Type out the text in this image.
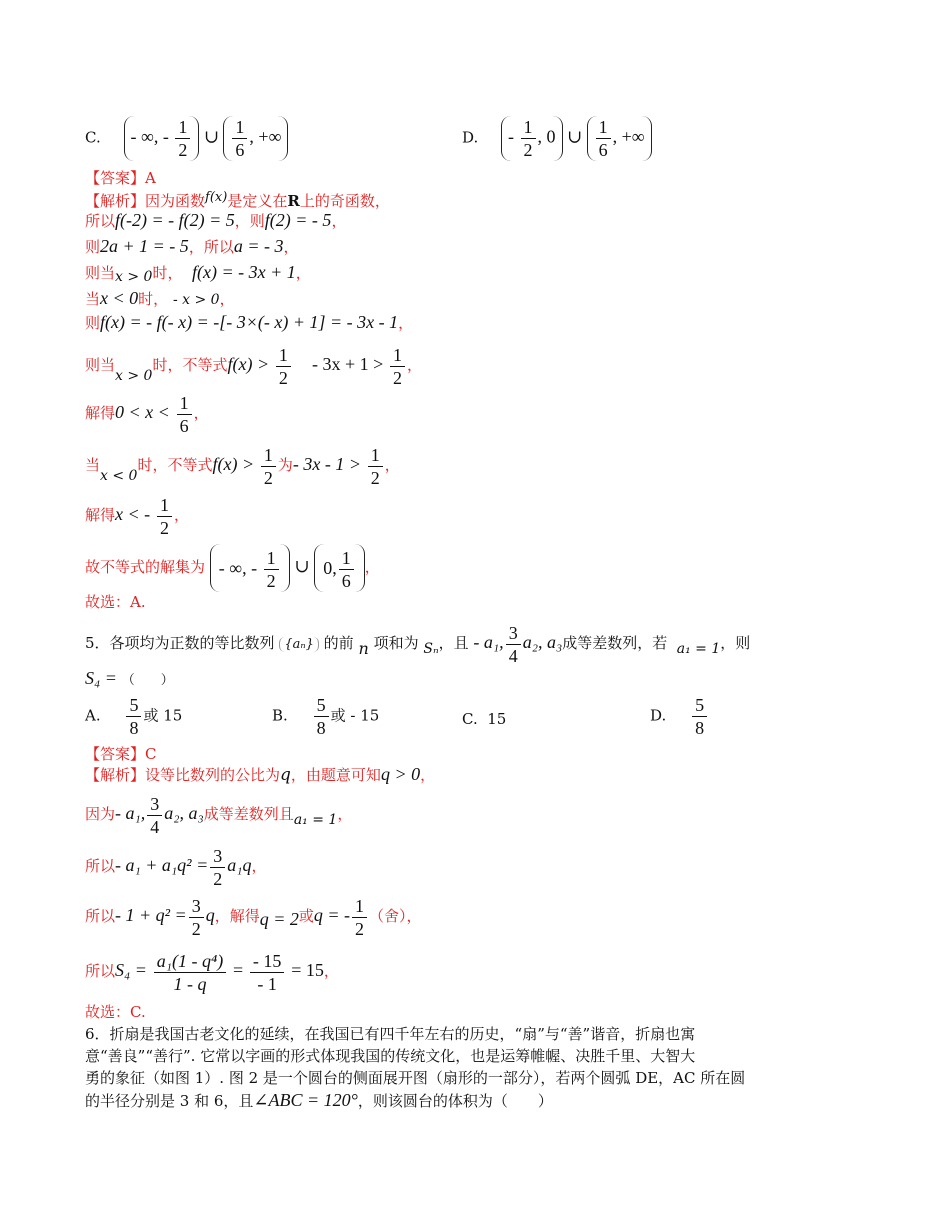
C. - ∞, - $\frac{1}{2}$ ∪ $\frac{1}{6}$ , +∞	D. - $\frac{1}{2}$ , 0 ∪ $\frac{1}{6}$ , +∞
【答案】A
【解析】因为函数f(x)是定义在R上的奇函数，
所以f(-2) = - f(2) = 5，则f(2) = - 5，
则2a + 1 = - 5，所以a = - 3，
则当x > 0时， f(x) = - 3x + 1，
当x < 0时， - x > 0，
则f(x) = - f(- x) = -[- 3×(- x) + 1] = - 3x - 1，
则当x > 0时，不等式$f(x) > \frac{1}{2} - 3x + 1 > \frac{1}{2}$ ，
解得$0 < x < \frac{1}{6}$ ，
当x < 0时，不等式$f(x) > \frac{1}{2}$ 为- $3x - 1 > \frac{1}{2}$ ，
解得x < - $\frac{1}{2}$ ，
故不等式的解集为 - ∞, - $\frac{1}{2}$ ∪ 0, $\frac{1}{6}$ ，
故选：A.
5．各项均为正数的等比数列 {aₙ} 的前 n 项和为 Sₙ，且 - a₁, $\frac{3}{4} a_2$, a₃成等差数列，若 a₁ = 1，则
S₄ = （　　）
A. $\frac{5}{8}$ 或 15	B. $\frac{5}{8}$ 或 - 15	C. 15	D. $\frac{5}{8}$
【答案】C
【解析】设等比数列的公比为q，由题意可知q > 0，
因为- a₁, $\frac{3}{4} a_2$, a₃成等差数列且a₁ = 1，
所以- $a_1 + a_1q^2 = \frac{3}{2} a_1q$，
所以- $1 + q^2 = \frac{3}{2}$ q，解得q = 2或q = - $\frac{1}{2}$ （舍），
所以$S_4 = \frac{\text{a₁(1 - q⁴)}}{1 - q} = \frac{- 15}{- 1} = 15$，
故选：C.
6．折扇是我国古老文化的延续，在我国已有四千年左右的历史，“扇”与“善”谐音，折扇也寓
意“善良”“善行”. 它常以字画的形式体现我国的传统文化，也是运筹帷幄、决胜千里、大智大
勇的象征（如图 1）. 图 2 是一个圆台的侧面展开图（扇形的一部分），若两个圆弧 DE，AC 所在圆
的半径分别是 3 和 6，且∠ABC = 120°，则该圆台的体积为（　　）
